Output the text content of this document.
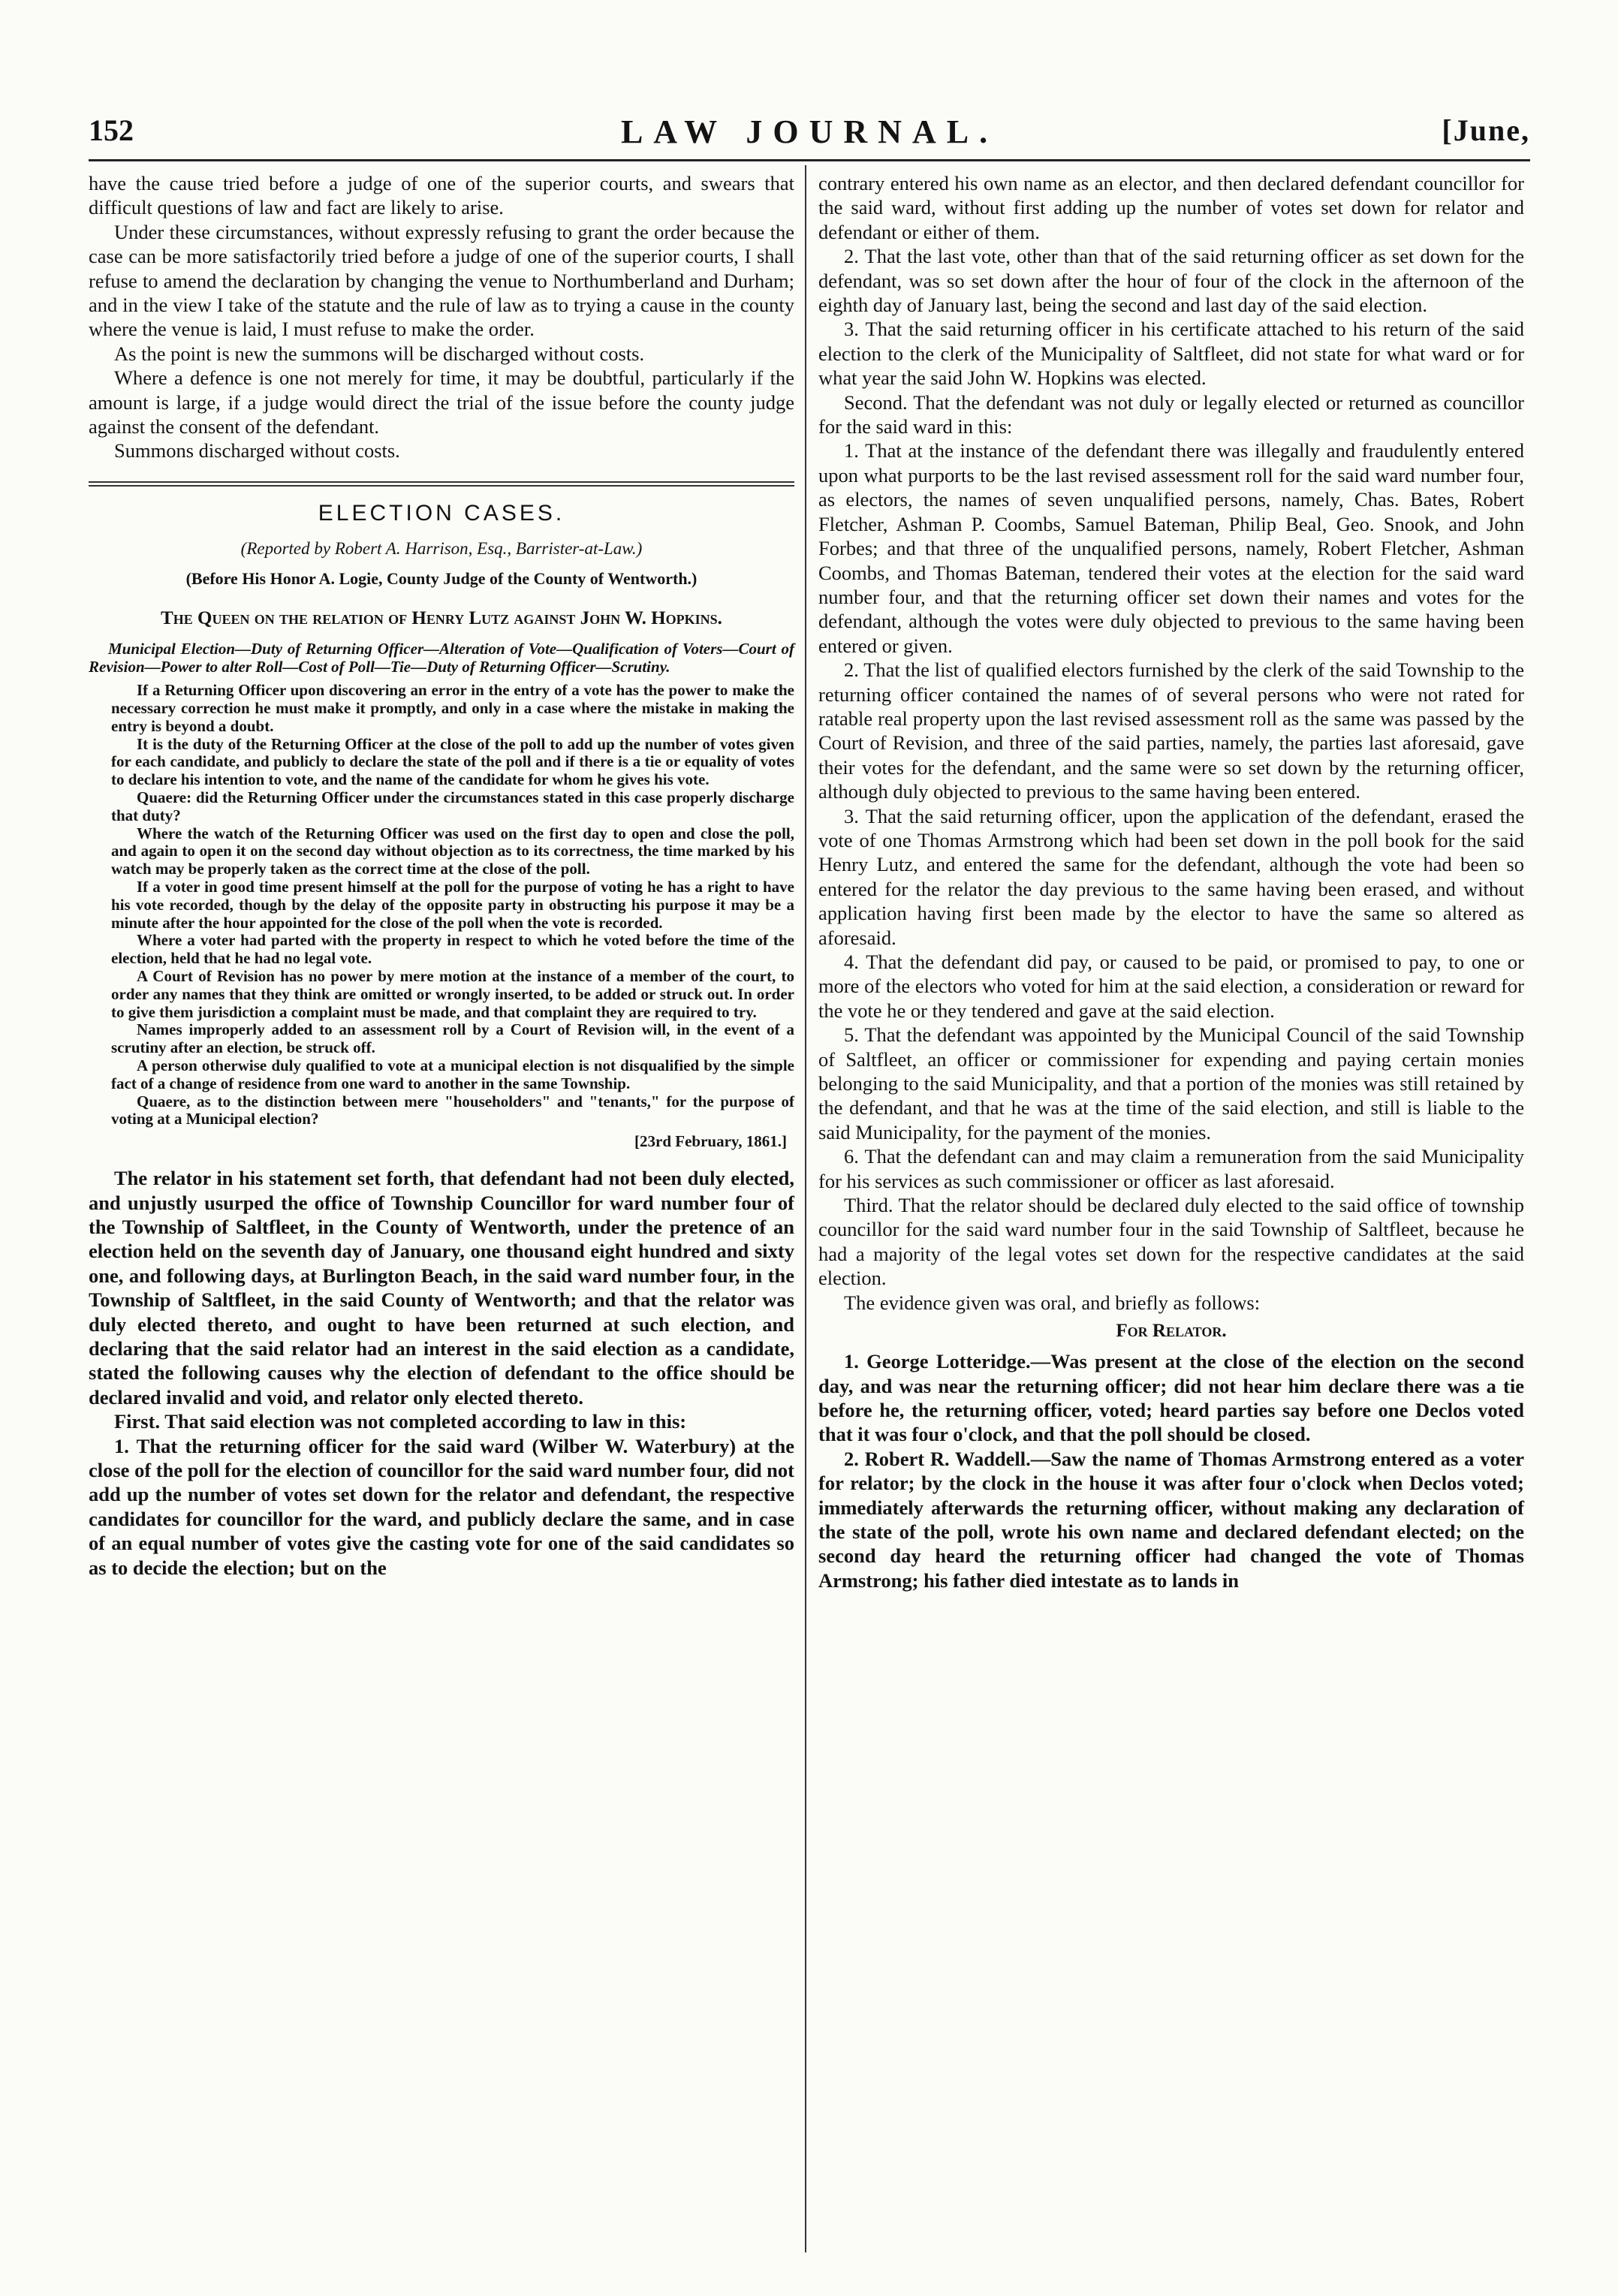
152	LAW JOURNAL.	[June,

have the cause tried before a judge of one of the superior courts, and swears that difficult questions of law and fact are likely to arise.

Under these circumstances, without expressly refusing to grant the order because the case can be more satisfactorily tried before a judge of one of the superior courts, I shall refuse to amend the declaration by changing the venue to Northumberland and Durham; and in the view I take of the statute and the rule of law as to trying a cause in the county where the venue is laid, I must refuse to make the order.

As the point is new the summons will be discharged without costs.

Where a defence is one not merely for time, it may be doubtful, particularly if the amount is large, if a judge would direct the trial of the issue before the county judge against the consent of the defendant.

Summons discharged without costs.

ELECTION CASES.
(Reported by Robert A. Harrison, Esq., Barrister-at-Law.)
(Before His Honor A. Logie, County Judge of the County of Wentworth.)
The Queen on the relation of Henry Lutz against John W. Hopkins.
Municipal Election—Duty of Returning Officer—Alteration of Vote—Qualification of Voters—Court of Revision—Power to alter Roll—Cost of Poll—Tie—Duty of Returning Officer—Scrutiny.

If a Returning Officer upon discovering an error in the entry of a vote has the power to make the necessary correction he must make it promptly, and only in a case where the mistake in making the entry is beyond a doubt.

It is the duty of the Returning Officer at the close of the poll to add up the number of votes given for each candidate, and publicly to declare the state of the poll and if there is a tie or equality of votes to declare his intention to vote, and the name of the candidate for whom he gives his vote.

Quaere: did the Returning Officer under the circumstances stated in this case properly discharge that duty?

Where the watch of the Returning Officer was used on the first day to open and close the poll, and again to open it on the second day without objection as to its correctness, the time marked by his watch may be properly taken as the correct time at the close of the poll.

If a voter in good time present himself at the poll for the purpose of voting he has a right to have his vote recorded, though by the delay of the opposite party in obstructing his purpose it may be a minute after the hour appointed for the close of the poll when the vote is recorded.

Where a voter had parted with the property in respect to which he voted before the time of the election, held that he had no legal vote.

A Court of Revision has no power by mere motion at the instance of a member of the court, to order any names that they think are omitted or wrongly inserted, to be added or struck out. In order to give them jurisdiction a complaint must be made, and that complaint they are required to try.

Names improperly added to an assessment roll by a Court of Revision will, in the event of a scrutiny after an election, be struck off.

A person otherwise duly qualified to vote at a municipal election is not disqualified by the simple fact of a change of residence from one ward to another in the same Township.

Quaere, as to the distinction between mere "householders" and "tenants," for the purpose of voting at a Municipal election?

[23rd February, 1861.]

The relator in his statement set forth, that defendant had not been duly elected, and unjustly usurped the office of Township Councillor for ward number four of the Township of Saltfleet, in the County of Wentworth, under the pretence of an election held on the seventh day of January, one thousand eight hundred and sixty one, and following days, at Burlington Beach, in the said ward number four, in the Township of Saltfleet, in the said County of Wentworth; and that the relator was duly elected thereto, and ought to have been returned at such election, and declaring that the said relator had an interest in the said election as a candidate, stated the following causes why the election of defendant to the office should be declared invalid and void, and relator only elected thereto.

First. That said election was not completed according to law in this:

1. That the returning officer for the said ward (Wilber W. Waterbury) at the close of the poll for the election of councillor for the said ward number four, did not add up the number of votes set down for the relator and defendant, the respective candidates for councillor for the ward, and publicly declare the same, and in case of an equal number of votes give the casting vote for one of the said candidates so as to decide the election; but on the

contrary entered his own name as an elector, and then declared defendant councillor for the said ward, without first adding up the number of votes set down for relator and defendant or either of them.

2. That the last vote, other than that of the said returning officer as set down for the defendant, was so set down after the hour of four of the clock in the afternoon of the eighth day of January last, being the second and last day of the said election.

3. That the said returning officer in his certificate attached to his return of the said election to the clerk of the Municipality of Saltfleet, did not state for what ward or for what year the said John W. Hopkins was elected.

Second. That the defendant was not duly or legally elected or returned as councillor for the said ward in this:

1. That at the instance of the defendant there was illegally and fraudulently entered upon what purports to be the last revised assessment roll for the said ward number four, as electors, the names of seven unqualified persons, namely, Chas. Bates, Robert Fletcher, Ashman P. Coombs, Samuel Bateman, Philip Beal, Geo. Snook, and John Forbes; and that three of the unqualified persons, namely, Robert Fletcher, Ashman Coombs, and Thomas Bateman, tendered their votes at the election for the said ward number four, and that the returning officer set down their names and votes for the defendant, although the votes were duly objected to previous to the same having been entered or given.

2. That the list of qualified electors furnished by the clerk of the said Township to the returning officer contained the names of of several persons who were not rated for ratable real property upon the last revised assessment roll as the same was passed by the Court of Revision, and three of the said parties, namely, the parties last aforesaid, gave their votes for the defendant, and the same were so set down by the returning officer, although duly objected to previous to the same having been entered.

3. That the said returning officer, upon the application of the defendant, erased the vote of one Thomas Armstrong which had been set down in the poll book for the said Henry Lutz, and entered the same for the defendant, although the vote had been so entered for the relator the day previous to the same having been erased, and without application having first been made by the elector to have the same so altered as aforesaid.

4. That the defendant did pay, or caused to be paid, or promised to pay, to one or more of the electors who voted for him at the said election, a consideration or reward for the vote he or they tendered and gave at the said election.

5. That the defendant was appointed by the Municipal Council of the said Township of Saltfleet, an officer or commissioner for expending and paying certain monies belonging to the said Municipality, and that a portion of the monies was still retained by the defendant, and that he was at the time of the said election, and still is liable to the said Municipality, for the payment of the monies.

6. That the defendant can and may claim a remuneration from the said Municipality for his services as such commissioner or officer as last aforesaid.

Third. That the relator should be declared duly elected to the said office of township councillor for the said ward number four in the said Township of Saltfleet, because he had a majority of the legal votes set down for the respective candidates at the said election.

The evidence given was oral, and briefly as follows:

For Relator.

1. George Lotteridge.—Was present at the close of the election on the second day, and was near the returning officer; did not hear him declare there was a tie before he, the returning officer, voted; heard parties say before one Declos voted that it was four o'clock, and that the poll should be closed.

2. Robert R. Waddell.—Saw the name of Thomas Armstrong entered as a voter for relator; by the clock in the house it was after four o'clock when Declos voted; immediately afterwards the returning officer, without making any declaration of the state of the poll, wrote his own name and declared defendant elected; on the second day heard the returning officer had changed the vote of Thomas Armstrong; his father died intestate as to lands in
